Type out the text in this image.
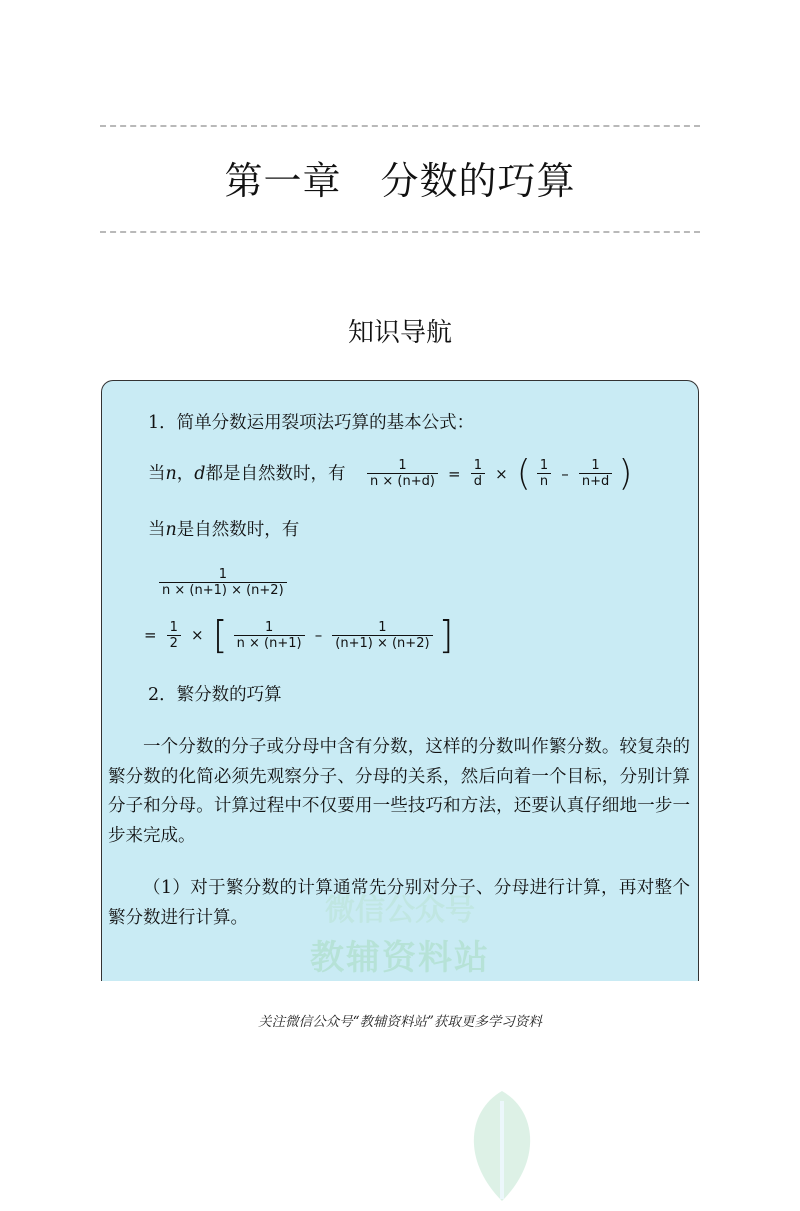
第一章　分数的巧算
知识导航
1．简单分数运用裂项法巧算的基本公式：
当n，d都是自然数时，有 $\frac{1}{n \times (n+d)} = \frac{1}{d}$ × ( $\frac{1}{n} - \frac{1}{n+d}$ )
当n是自然数时，有
$\frac{1}{n \times (n+1) \times (n+2)}$
= $\frac{1}{2}$ × [ $\frac{1}{n \times (n+1)} - \frac{1}{(n+1) \times (n+2)}$ ]
2．繁分数的巧算
一个分数的分子或分母中含有分数，这样的分数叫作繁分数。较复杂的繁分数的化简必须先观察分子、分母的关系，然后向着一个目标，分别计算分子和分母。计算过程中不仅要用一些技巧和方法，还要认真仔细地一步一步来完成。
（1）对于繁分数的计算通常先分别对分子、分母进行计算，再对整个繁分数进行计算。	微信公众号
教辅资料站
关注微信公众号“教辅资料站”获取更多学习资料
